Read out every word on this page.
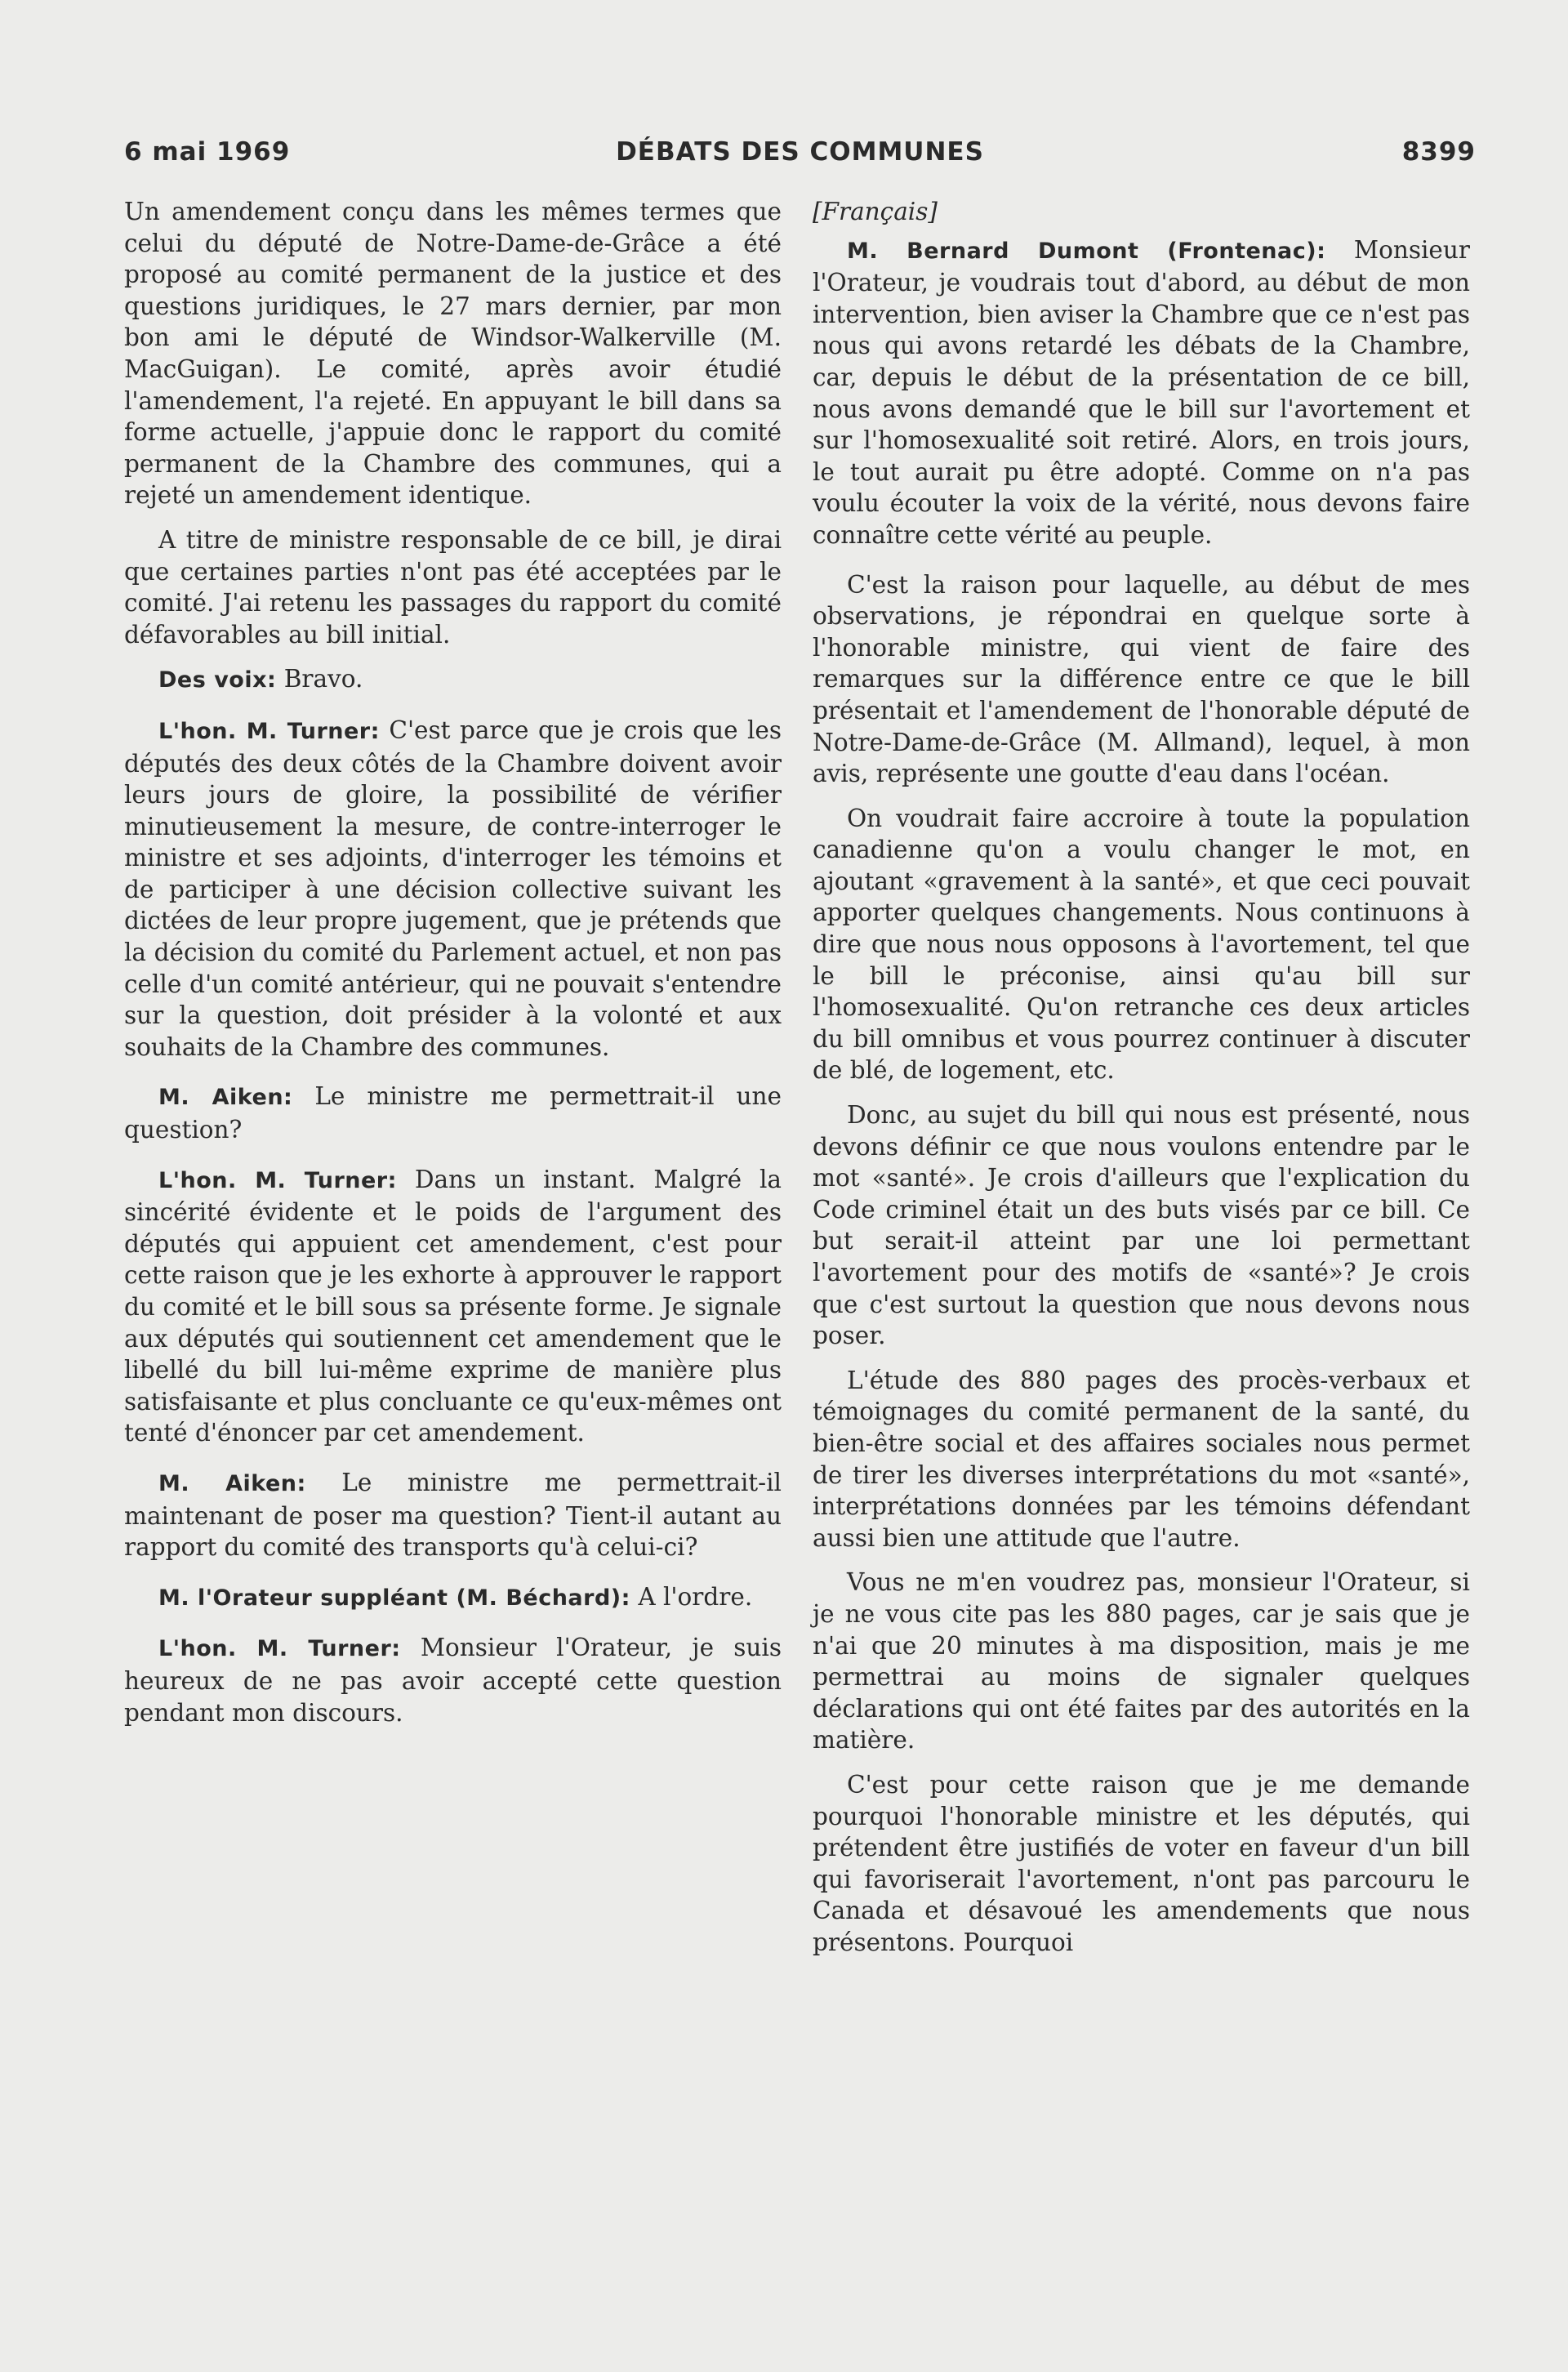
6 mai 1969	DÉBATS DES COMMUNES	8399

Un amendement conçu dans les mêmes termes que celui du député de Notre-Dame-de-Grâce a été proposé au comité permanent de la justice et des questions juridiques, le 27 mars dernier, par mon bon ami le député de Windsor-Walkerville (M. MacGuigan). Le comité, après avoir étudié l'amendement, l'a rejeté. En appuyant le bill dans sa forme actuelle, j'appuie donc le rapport du comité permanent de la Chambre des communes, qui a rejeté un amendement identique.

A titre de ministre responsable de ce bill, je dirai que certaines parties n'ont pas été acceptées par le comité. J'ai retenu les passages du rapport du comité défavorables au bill initial.

Des voix: Bravo.

L'hon. M. Turner: C'est parce que je crois que les députés des deux côtés de la Chambre doivent avoir leurs jours de gloire, la possibilité de vérifier minutieusement la mesure, de contre-interroger le ministre et ses adjoints, d'interroger les témoins et de participer à une décision collective suivant les dictées de leur propre jugement, que je prétends que la décision du comité du Parlement actuel, et non pas celle d'un comité antérieur, qui ne pouvait s'entendre sur la question, doit présider à la volonté et aux souhaits de la Chambre des communes.

M. Aiken: Le ministre me permettrait-il une question?

L'hon. M. Turner: Dans un instant. Malgré la sincérité évidente et le poids de l'argument des députés qui appuient cet amendement, c'est pour cette raison que je les exhorte à approuver le rapport du comité et le bill sous sa présente forme. Je signale aux députés qui soutiennent cet amendement que le libellé du bill lui-même exprime de manière plus satisfaisante et plus concluante ce qu'eux-mêmes ont tenté d'énoncer par cet amendement.

M. Aiken: Le ministre me permettrait-il maintenant de poser ma question? Tient-il autant au rapport du comité des transports qu'à celui-ci?

M. l'Orateur suppléant (M. Béchard): A l'ordre.

L'hon. M. Turner: Monsieur l'Orateur, je suis heureux de ne pas avoir accepté cette question pendant mon discours.

[Français]

M. Bernard Dumont (Frontenac): Monsieur l'Orateur, je voudrais tout d'abord, au début de mon intervention, bien aviser la Chambre que ce n'est pas nous qui avons retardé les débats de la Chambre, car, depuis le début de la présentation de ce bill, nous avons demandé que le bill sur l'avortement et sur l'homosexualité soit retiré. Alors, en trois jours, le tout aurait pu être adopté. Comme on n'a pas voulu écouter la voix de la vérité, nous devons faire connaître cette vérité au peuple.

C'est la raison pour laquelle, au début de mes observations, je répondrai en quelque sorte à l'honorable ministre, qui vient de faire des remarques sur la différence entre ce que le bill présentait et l'amendement de l'honorable député de Notre-Dame-de-Grâce (M. Allmand), lequel, à mon avis, représente une goutte d'eau dans l'océan.

On voudrait faire accroire à toute la population canadienne qu'on a voulu changer le mot, en ajoutant «gravement à la santé», et que ceci pouvait apporter quelques changements. Nous continuons à dire que nous nous opposons à l'avortement, tel que le bill le préconise, ainsi qu'au bill sur l'homosexualité. Qu'on retranche ces deux articles du bill omnibus et vous pourrez continuer à discuter de blé, de logement, etc.

Donc, au sujet du bill qui nous est présenté, nous devons définir ce que nous voulons entendre par le mot «santé». Je crois d'ailleurs que l'explication du Code criminel était un des buts visés par ce bill. Ce but serait-il atteint par une loi permettant l'avortement pour des motifs de «santé»? Je crois que c'est surtout la question que nous devons nous poser.

L'étude des 880 pages des procès-verbaux et témoignages du comité permanent de la santé, du bien-être social et des affaires sociales nous permet de tirer les diverses interprétations du mot «santé», interprétations données par les témoins défendant aussi bien une attitude que l'autre.

Vous ne m'en voudrez pas, monsieur l'Orateur, si je ne vous cite pas les 880 pages, car je sais que je n'ai que 20 minutes à ma disposition, mais je me permettrai au moins de signaler quelques déclarations qui ont été faites par des autorités en la matière.

C'est pour cette raison que je me demande pourquoi l'honorable ministre et les députés, qui prétendent être justifiés de voter en faveur d'un bill qui favoriserait l'avortement, n'ont pas parcouru le Canada et désavoué les amendements que nous présentons. Pourquoi
